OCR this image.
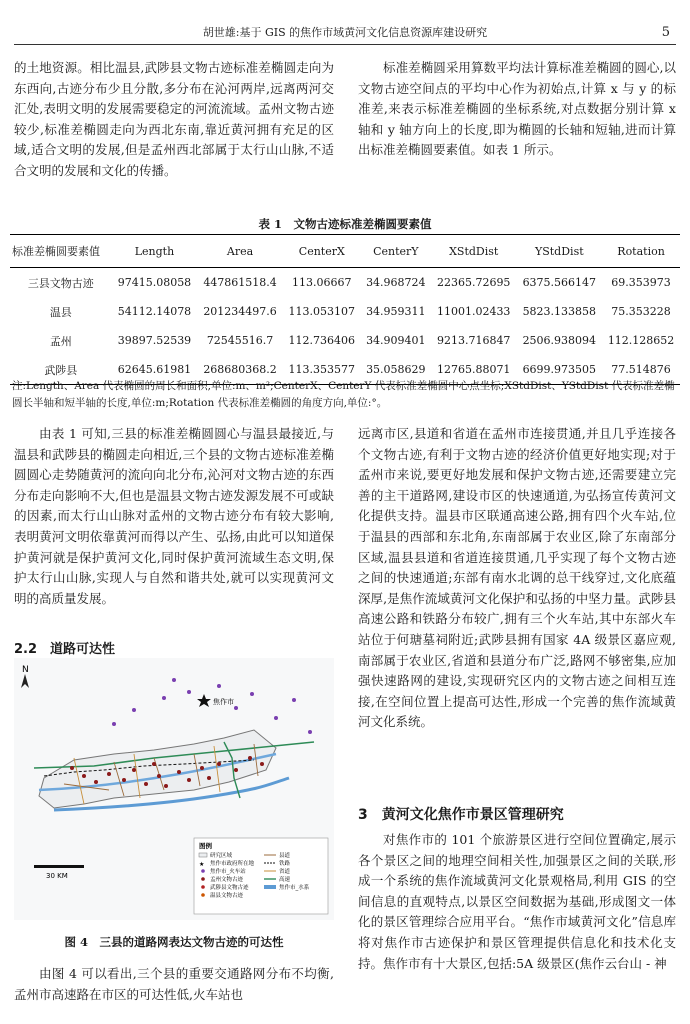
胡世雄:基于 GIS 的焦作市域黄河文化信息资源库建设研究	5

的土地资源。相比温县,武陟县文物古迹标准差椭圆走向为东西向,古迹分布少且分散,多分布在沁河两岸,远离两河交汇处,表明文明的发展需要稳定的河流流域。孟州文物古迹较少,标准差椭圆走向为西北东南,靠近黄河拥有充足的区域,适合文明的发展,但是孟州西北部属于太行山山脉,不适合文明的发展和文化的传播。

标准差椭圆采用算数平均法计算标准差椭圆的圆心,以文物古迹空间点的平均中心作为初始点,计算 x 与 y 的标准差,来表示标准差椭圆的坐标系统,对点数据分别计算 x 轴和 y 轴方向上的长度,即为椭圆的长轴和短轴,进而计算出标准差椭圆要素值。如表 1 所示。

表 1　文物古迹标准差椭圆要素值
标准差椭圆要素值	Length	Area	CenterX	CenterY	XStdDist	YStdDist	Rotation
三县文物古迹	97415.08058	447861518.4	113.06667	34.968724	22365.72695	6375.566147	69.353973
温县	54112.14078	201234497.6	113.053107	34.959311	11001.02433	5823.133858	75.353228
孟州	39897.52539	72545516.7	112.736406	34.909401	9213.716847	2506.938094	112.128652
武陟县	62645.61981	268680368.2	113.353577	35.058629	12765.88071	6699.973505	77.514876
注:Length、Area 代表椭圆的周长和面积,单位:m、m²;CenterX、CenterY 代表标准差椭圆中心点坐标;XStdDist、YStdDist 代表标准差椭圆长半轴和短半轴的长度,单位:m;Rotation 代表标准差椭圆的角度方向,单位:°。

由表 1 可知,三县的标准差椭圆圆心与温县最接近,与温县和武陟县的椭圆走向相近,三个县的文物古迹标准差椭圆圆心走势随黄河的流向向北分布,沁河对文物古迹的东西分布走向影响不大,但也是温县文物古迹发源发展不可或缺的因素,而太行山山脉对孟州的文物古迹分布有较大影响,表明黄河文明依靠黄河而得以产生、弘扬,由此可以知道保护黄河就是保护黄河文化,同时保护黄河流域生态文明,保护太行山山脉,实现人与自然和谐共处,就可以实现黄河文明的高质量发展。

2.2　道路可达性
N
焦作市
30 KM
图例
研究区域
★ 焦作市政府所在地
焦作市_火车站
孟州文物古迹
武陟县文物古迹
温县文物古迹
县道
铁路
省道
高速
焦作市_水系
图 4　三县的道路网表达文物古迹的可达性

由图 4 可以看出,三个县的重要交通路网分布不均衡,孟州市高速路在市区的可达性低,火车站也

远离市区,县道和省道在孟州市连接贯通,并且几乎连接各个文物古迹,有利于文物古迹的经济价值更好地实现;对于孟州市来说,要更好地发展和保护文物古迹,还需要建立完善的主干道路网,建设市区的快速通道,为弘扬宣传黄河文化提供支持。温县市区联通高速公路,拥有四个火车站,位于温县的西部和东北角,东南部属于农业区,除了东南部分区域,温县县道和省道连接贯通,几乎实现了每个文物古迹之间的快速通道;东部有南水北调的总干线穿过,文化底蕴深厚,是焦作流域黄河文化保护和弘扬的中坚力量。武陟县高速公路和铁路分布较广,拥有三个火车站,其中东部火车站位于何瑭墓祠附近;武陟县拥有国家 4A 级景区嘉应观,南部属于农业区,省道和县道分布广泛,路网不够密集,应加强快速路网的建设,实现研究区内的文物古迹之间相互连接,在空间位置上提高可达性,形成一个完善的焦作流域黄河文化系统。

3　黄河文化焦作市景区管理研究

对焦作市的 101 个旅游景区进行空间位置确定,展示各个景区之间的地理空间相关性,加强景区之间的关联,形成一个系统的焦作流域黄河文化景观格局,利用 GIS 的空间信息的直观特点,以景区空间数据为基础,形成图文一体化的景区管理综合应用平台。“焦作市域黄河文化”信息库将对焦作市古迹保护和景区管理提供信息化和技术化支持。焦作市有十大景区,包括:5A 级景区(焦作云台山 - 神
